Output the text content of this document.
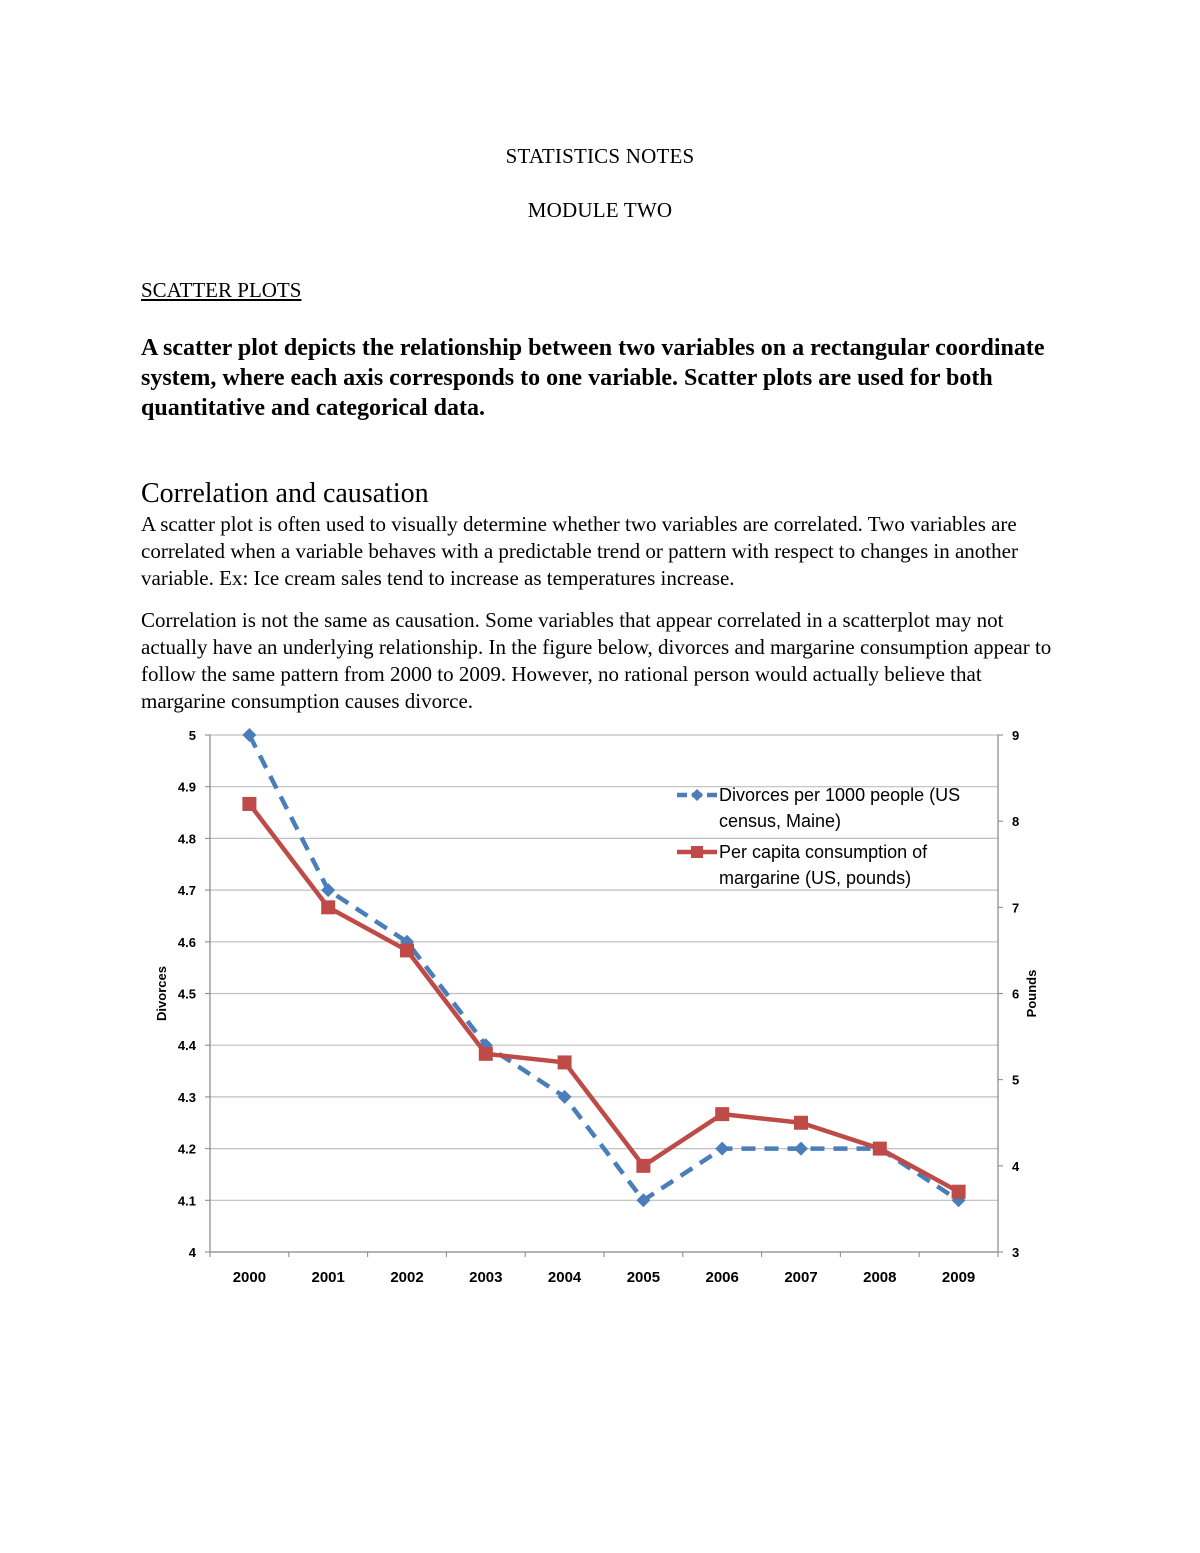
STATISTICS NOTES
MODULE TWO
SCATTER PLOTS
A scatter plot depicts the relationship between two variables on a rectangular coordinate system, where each axis corresponds to one variable. Scatter plots are used for both quantitative and categorical data.
Correlation and causation
A scatter plot is often used to visually determine whether two variables are correlated. Two variables are correlated when a variable behaves with a predictable trend or pattern with respect to changes in another variable. Ex: Ice cream sales tend to increase as temperatures increase.
Correlation is not the same as causation. Some variables that appear correlated in a scatterplot may not actually have an underlying relationship. In the figure below, divorces and margarine consumption appear to follow the same pattern from 2000 to 2009. However, no rational person would actually believe that margarine consumption causes divorce.
4
4.1
4.2
4.3
4.4
4.5
4.6
4.7
4.8
4.9
5
3
4
5
6
7
8
9
2000	2001	2002	2003	2004	2005	2006	2007	2008	2009
Divorces	Pounds
Divorces per 1000 people (US
census, Maine)
Per capita consumption of
margarine (US, pounds)
